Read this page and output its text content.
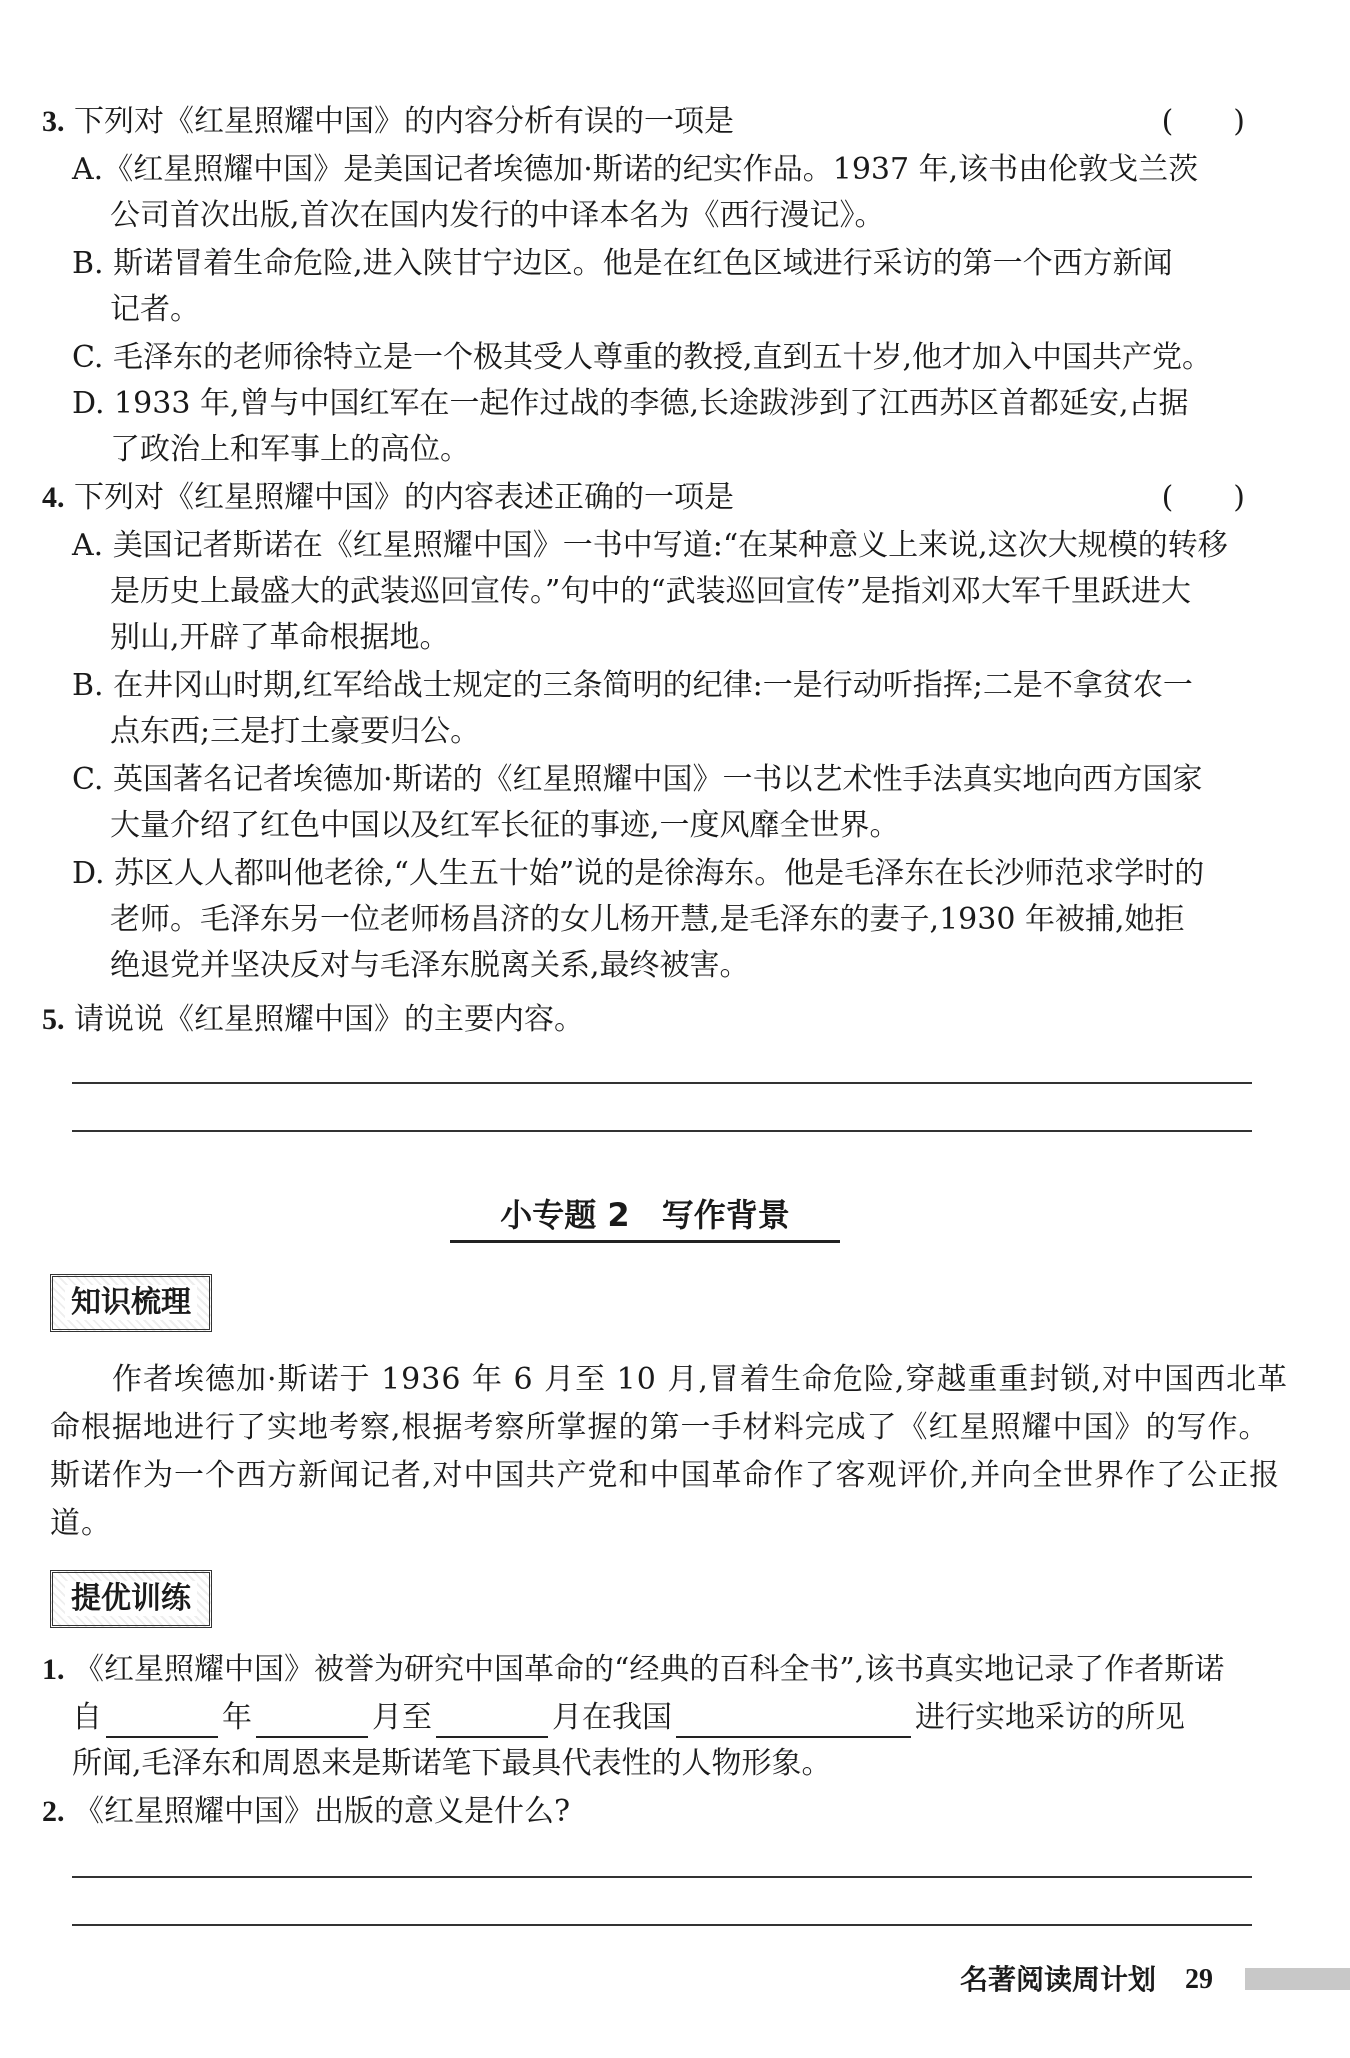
3. 下列对《红星照耀中国》的内容分析有误的一项是	(　　)
A.《红星照耀中国》是美国记者埃德加·斯诺的纪实作品。1937 年,该书由伦敦戈兰茨
公司首次出版,首次在国内发行的中译本名为《西行漫记》。
B. 斯诺冒着生命危险,进入陕甘宁边区。他是在红色区域进行采访的第一个西方新闻
记者。
C. 毛泽东的老师徐特立是一个极其受人尊重的教授,直到五十岁,他才加入中国共产党。
D. 1933 年,曾与中国红军在一起作过战的李德,长途跋涉到了江西苏区首都延安,占据
了政治上和军事上的高位。
4. 下列对《红星照耀中国》的内容表述正确的一项是	(　　)
A. 美国记者斯诺在《红星照耀中国》一书中写道:“在某种意义上来说,这次大规模的转移
是历史上最盛大的武装巡回宣传。”句中的“武装巡回宣传”是指刘邓大军千里跃进大
别山,开辟了革命根据地。
B. 在井冈山时期,红军给战士规定的三条简明的纪律:一是行动听指挥;二是不拿贫农一
点东西;三是打土豪要归公。
C. 英国著名记者埃德加·斯诺的《红星照耀中国》一书以艺术性手法真实地向西方国家
大量介绍了红色中国以及红军长征的事迹,一度风靡全世界。
D. 苏区人人都叫他老徐,“人生五十始”说的是徐海东。他是毛泽东在长沙师范求学时的
老师。毛泽东另一位老师杨昌济的女儿杨开慧,是毛泽东的妻子,1930 年被捕,她拒
绝退党并坚决反对与毛泽东脱离关系,最终被害。
5. 请说说《红星照耀中国》的主要内容。
小专题 2　写作背景
知识梳理
作者埃德加·斯诺于 1936 年 6 月至 10 月,冒着生命危险,穿越重重封锁,对中国西北革命根据地进行了实地考察,根据考察所掌握的第一手材料完成了《红星照耀中国》的写作。斯诺作为一个西方新闻记者,对中国共产党和中国革命作了客观评价,并向全世界作了公正报道。
提优训练
1. 《红星照耀中国》被誉为研究中国革命的“经典的百科全书”,该书真实地记录了作者斯诺
自	年	月至	月在我国	进行实地采访的所见
所闻,毛泽东和周恩来是斯诺笔下最具代表性的人物形象。
2. 《红星照耀中国》出版的意义是什么?
名著阅读周计划 29
